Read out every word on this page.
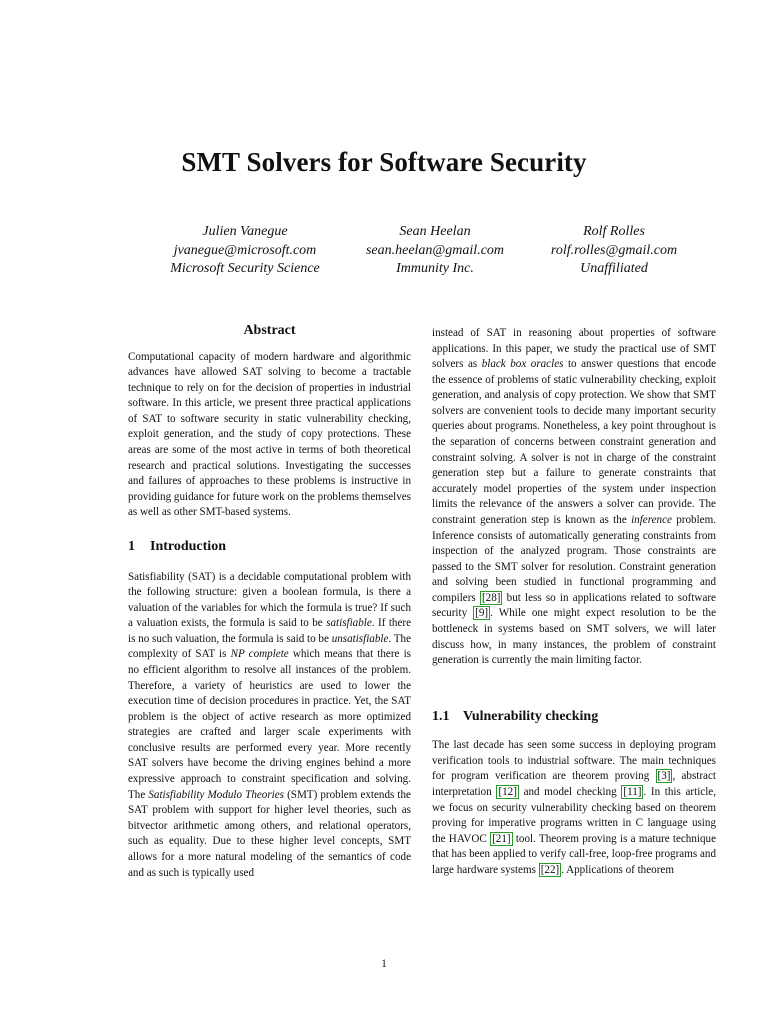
SMT Solvers for Software Security
Julien Vanegue
jvanegue@microsoft.com
Microsoft Security Science
Sean Heelan
sean.heelan@gmail.com
Immunity Inc.
Rolf Rolles
rolf.rolles@gmail.com
Unaffiliated
Abstract

Computational capacity of modern hardware and algorithmic advances have allowed SAT solving to become a tractable technique to rely on for the decision of properties in industrial software. In this article, we present three practical applications of SAT to software security in static vulnerability checking, exploit generation, and the study of copy protections. These areas are some of the most active in terms of both theoretical research and practical solutions. Investigating the successes and failures of approaches to these problems is instructive in providing guidance for future work on the problems themselves as well as other SMT-based systems.

1 Introduction

Satisfiability (SAT) is a decidable computational problem with the following structure: given a boolean formula, is there a valuation of the variables for which the formula is true? If such a valuation exists, the formula is said to be satisfiable. If there is no such valuation, the formula is said to be unsatisfiable. The complexity of SAT is NP complete which means that there is no efficient algorithm to resolve all instances of the problem. Therefore, a variety of heuristics are used to lower the execution time of decision procedures in practice. Yet, the SAT problem is the object of active research as more optimized strategies are crafted and larger scale experiments with conclusive results are performed every year. More recently SAT solvers have become the driving engines behind a more expressive approach to constraint specification and solving. The Satisfiability Modulo Theories (SMT) problem extends the SAT problem with support for higher level theories, such as bitvector arithmetic among others, and relational operators, such as equality. Due to these higher level concepts, SMT allows for a more natural modeling of the semantics of code and as such is typically used

instead of SAT in reasoning about properties of software applications. In this paper, we study the practical use of SMT solvers as black box oracles to answer questions that encode the essence of problems of static vulnerability checking, exploit generation, and analysis of copy protection. We show that SMT solvers are convenient tools to decide many important security queries about programs. Nonetheless, a key point throughout is the separation of concerns between constraint generation and constraint solving. A solver is not in charge of the constraint generation step but a failure to generate constraints that accurately model properties of the system under inspection limits the relevance of the answers a solver can provide. The constraint generation step is known as the inference problem. Inference consists of automatically generating constraints from inspection of the analyzed program. Those constraints are passed to the SMT solver for resolution. Constraint generation and solving been studied in functional programming and compilers [28] but less so in applications related to software security [9] . While one might expect resolution to be the bottleneck in systems based on SMT solvers, we will later discuss how, in many instances, the problem of constraint generation is currently the main limiting factor.

1.1 Vulnerability checking

The last decade has seen some success in deploying program verification tools to industrial software. The main techniques for program verification are theorem proving [3] , abstract interpretation [12] and model checking [11] . In this article, we focus on security vulnerability checking based on theorem proving for imperative programs written in C language using the HAVOC [21] tool. Theorem proving is a mature technique that has been applied to verify call-free, loop-free programs and large hardware systems [22] . Applications of theorem

1
